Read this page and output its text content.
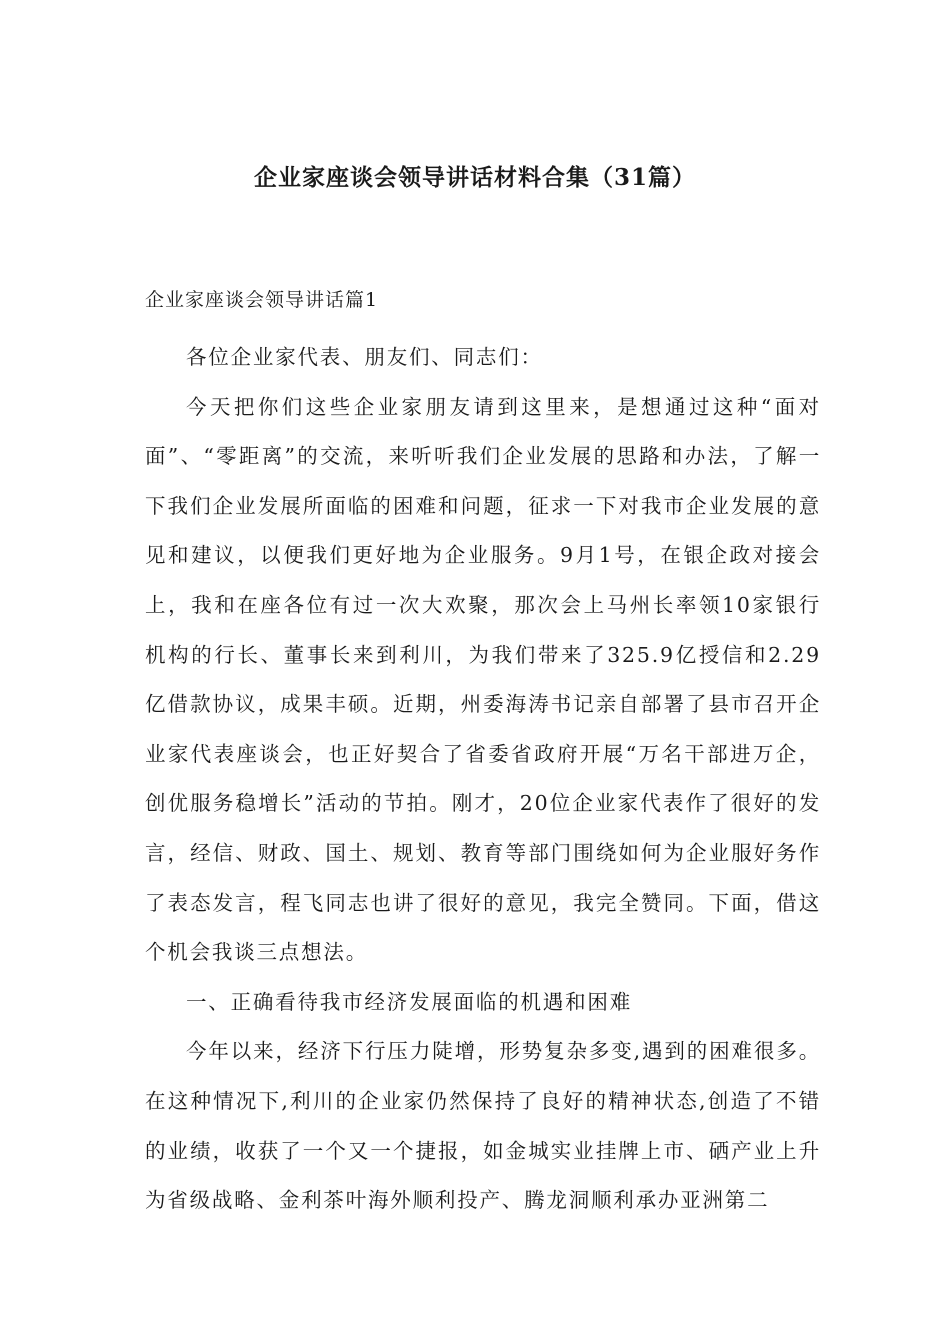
企业家座谈会领导讲话材料合集（31篇）
企业家座谈会领导讲话篇1

各位企业家代表、朋友们、同志们：

今天把你们这些企业家朋友请到这里来，是想通过这种“面对面”、“零距离”的交流，来听听我们企业发展的思路和办法，了解一下我们企业发展所面临的困难和问题，征求一下对我市企业发展的意见和建议，以便我们更好地为企业服务。9月1号，在银企政对接会上，我和在座各位有过一次大欢聚，那次会上马州长率领10家银行机构的行长、董事长来到利川，为我们带来了325.9亿授信和2.29亿借款协议，成果丰硕。近期，州委海涛书记亲自部署了县市召开企业家代表座谈会，也正好契合了省委省政府开展“万名干部进万企，创优服务稳增长”活动的节拍。刚才，20位企业家代表作了很好的发言，经信、财政、国土、规划、教育等部门围绕如何为企业服好务作了表态发言，程飞同志也讲了很好的意见，我完全赞同。下面，借这个机会我谈三点想法。

一、正确看待我市经济发展面临的机遇和困难

今年以来，经济下行压力陡增，形势复杂多变,遇到的困难很多。在这种情况下,利川的企业家仍然保持了良好的精神状态,创造了不错的业绩，收获了一个又一个捷报，如金城实业挂牌上市、硒产业上升为省级战略、金利茶叶海外顺利投产、腾龙洞顺利承办亚洲第二
